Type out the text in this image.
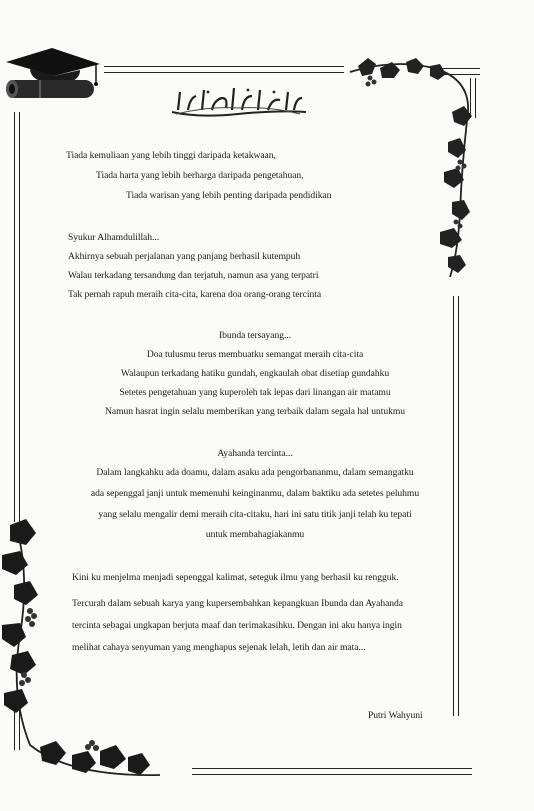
Tiada kemuliaan yang lebih tinggi daripada ketakwaan,
Tiada harta yang lebih berharga daripada pengetahuan,
Tiada warisan yang lebih penting daripada pendidikan
Syukur Alhamdulillah...
Akhirnya sebuah perjalanan yang panjang berhasil kutempuh
Walau terkadang tersandung dan terjatuh, namun asa yang terpatri
Tak pernah rapuh meraih cita-cita, karena doa orang-orang tercinta
Ibunda tersayang...
Doa tulusmu terus membuatku semangat meraih cita-cita
Walaupun terkadang hatiku gundah, engkaulah obat disetiap gundahku
Setetes pengetahuan yang kuperoleh tak lepas dari linangan air matamu
Namun hasrat ingin selalu memberikan yang terbaik dalam segala hal untukmu
Ayahanda tercinta...
Dalam langkahku ada doamu, dalam asaku ada pengorbananmu, dalam semangatku
ada sepenggal janji untuk memenuhi keinginanmu, dalam baktiku ada setetes peluhmu
yang selalu mengalir demi meraih cita-citaku, hari ini satu titik janji telah ku tepati
untuk membahagiakanmu
Kini ku menjelma menjadi sepenggal kalimat, seteguk ilmu yang berhasil ku rengguk.
Tercurah dalam sebuah karya yang kupersembahkan kepangkuan Ibunda dan Ayahanda
tercinta sebagai ungkapan berjuta maaf dan terimakasihku. Dengan ini aku hanya ingin
melihat cahaya senyuman yang menghapus sejenak lelah, letih dan air mata...
Putri Wahyuni
